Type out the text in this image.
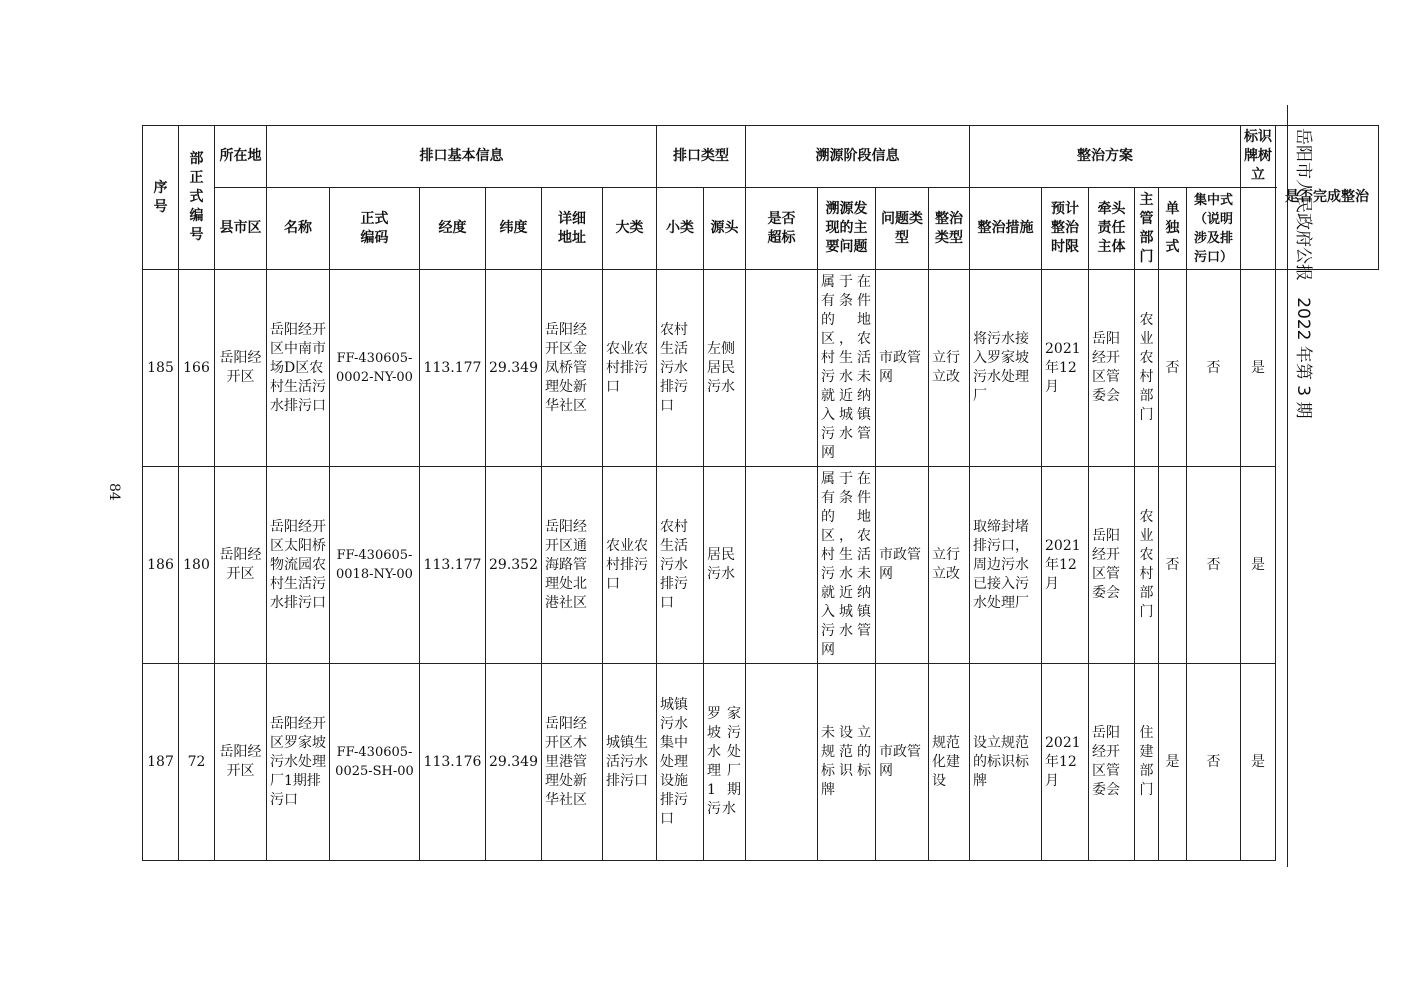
岳阳市人民政府公报   2022 年第 3 期
84
序号	部正式编号	所在地	排口基本信息						排口类型		溯源阶段信息				整治方案						标识牌树立	是否完成整治
		县市区	名称	正式编码	经度	纬度	详细地址	大类	小类	源头	是否超标	溯源发现的主要问题	问题类型	整治类型	整治措施	预计整治时限	牵头责任主体	主管部门	单独式	集中式（说明涉及排污口）		
185	166	岳阳经开区	岳阳经开区中南市场D区农村生活污水排污口	FF-430605-0002-NY-00	113.177	29.349	岳阳经开区金凤桥管理处新华社区	农业农村排污口	农村生活污水排污口	左侧居民污水		属于在有条件的地区，农村生活污水未就近纳入城镇污水管网	市政管网	立行立改	将污水接入罗家坡污水处理厂	2021年12月	岳阳经开区管委会	农业农村部门	否	否	是	
186	180	岳阳经开区	岳阳经开区太阳桥物流园农村生活污水排污口	FF-430605-0018-NY-00	113.177	29.352	岳阳经开区通海路管理处北港社区	农业农村排污口	农村生活污水排污口	居民污水		属于在有条件的地区，农村生活污水未就近纳入城镇污水管网	市政管网	立行立改	取缔封堵排污口，周边污水已接入污水处理厂	2021年12月	岳阳经开区管委会	农业农村部门	否	否	是	
187	72	岳阳经开区	岳阳经开区罗家坡污水处理厂1期排污口	FF-430605-0025-SH-00	113.176	29.349	岳阳经开区木里港管理处新华社区	城镇生活污水排污口	城镇污水集中处理设施排污口	罗家坡污水处理厂1期污水		未设立规范的标识标牌	市政管网	规范化建设	设立规范的标识标牌	2021年12月	岳阳经开区管委会	住建部门	是	否	是	
